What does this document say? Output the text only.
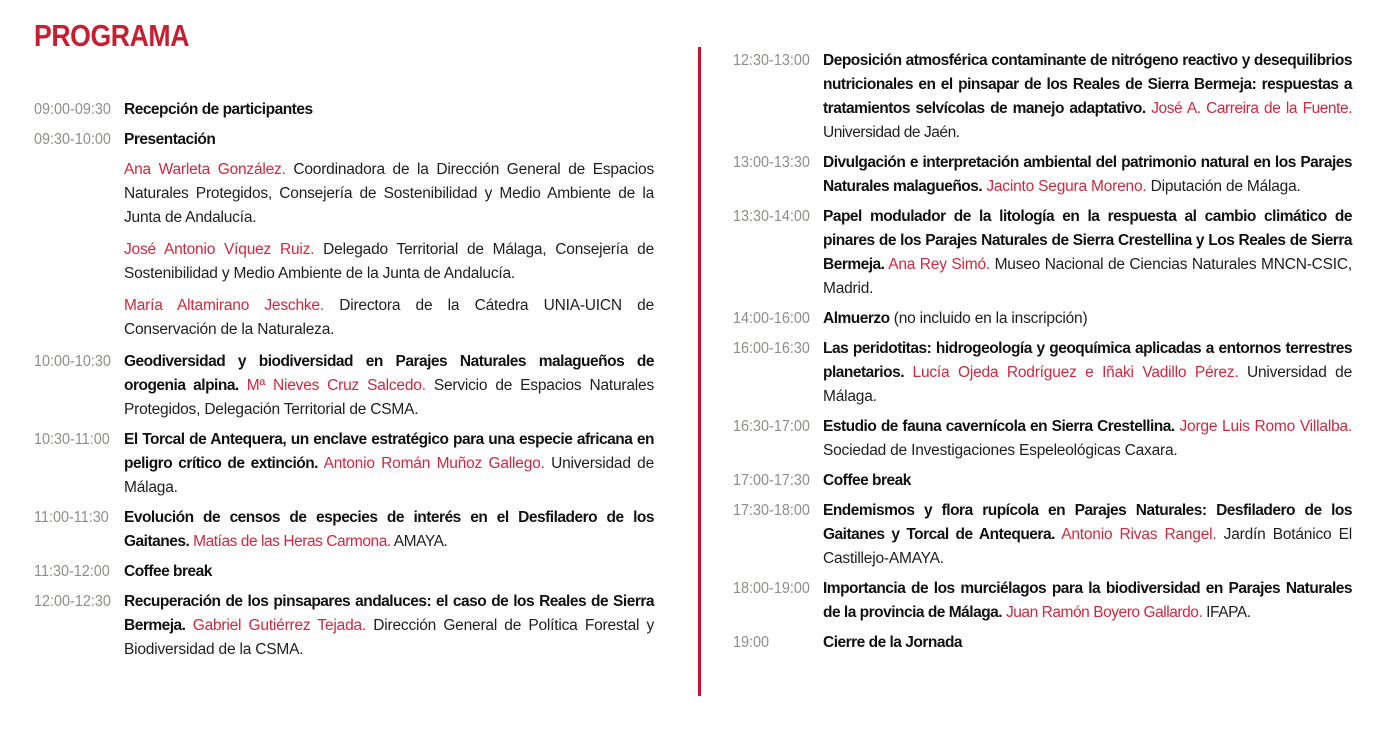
PROGRAMA
09:00-09:30 Recepción de participantes
09:30-10:00 Presentación
Ana Warleta González. Coordinadora de la Dirección General de Espacios Naturales Protegidos, Consejería de Sostenibilidad y Medio Ambiente de la Junta de Andalucía.
José Antonio Víquez Ruiz. Delegado Territorial de Málaga, Consejería de Sostenibilidad y Medio Ambiente de la Junta de Andalucía.
María Altamirano Jeschke. Directora de la Cátedra UNIA-UICN de Conservación de la Naturaleza.
10:00-10:30 Geodiversidad y biodiversidad en Parajes Naturales malagueños de orogenia alpina. Mª Nieves Cruz Salcedo. Servicio de Espacios Naturales Protegidos, Delegación Territorial de CSMA.
10:30-11:00 El Torcal de Antequera, un enclave estratégico para una especie africana en peligro crítico de extinción. Antonio Román Muñoz Gallego. Universidad de Málaga.
11:00-11:30 Evolución de censos de especies de interés en el Desfiladero de los Gaitanes. Matías de las Heras Carmona. AMAYA.
11:30-12:00 Coffee break
12:00-12:30 Recuperación de los pinsapares andaluces: el caso de los Reales de Sierra Bermeja. Gabriel Gutiérrez Tejada. Dirección General de Política Forestal y Biodiversidad de la CSMA.
12:30-13:00 Deposición atmosférica contaminante de nitrógeno reactivo y desequilibrios nutricionales en el pinsapar de los Reales de Sierra Bermeja: respuestas a tratamientos selvícolas de manejo adaptativo. José A. Carreira de la Fuente. Universidad de Jaén.
13:00-13:30 Divulgación e interpretación ambiental del patrimonio natural en los Parajes Naturales malagueños. Jacinto Segura Moreno. Diputación de Málaga.
13:30-14:00 Papel modulador de la litología en la respuesta al cambio climático de pinares de los Parajes Naturales de Sierra Crestellina y Los Reales de Sierra Bermeja. Ana Rey Simó. Museo Nacional de Ciencias Naturales MNCN-CSIC, Madrid.
14:00-16:00 Almuerzo (no incluido en la inscripción)
16:00-16:30 Las peridotitas: hidrogeología y geoquímica aplicadas a entornos terrestres planetarios. Lucía Ojeda Rodríguez e Iñaki Vadillo Pérez. Universidad de Málaga.
16:30-17:00 Estudio de fauna cavernícola en Sierra Crestellina. Jorge Luis Romo Villalba. Sociedad de Investigaciones Espeleológicas Caxara.
17:00-17:30 Coffee break
17:30-18:00 Endemismos y flora rupícola en Parajes Naturales: Desfiladero de los Gaitanes y Torcal de Antequera. Antonio Rivas Rangel. Jardín Botánico El Castillejo-AMAYA.
18:00-19:00 Importancia de los murciélagos para la biodiversidad en Parajes Naturales de la provincia de Málaga. Juan Ramón Boyero Gallardo. IFAPA.
19:00	Cierre de la Jornada
